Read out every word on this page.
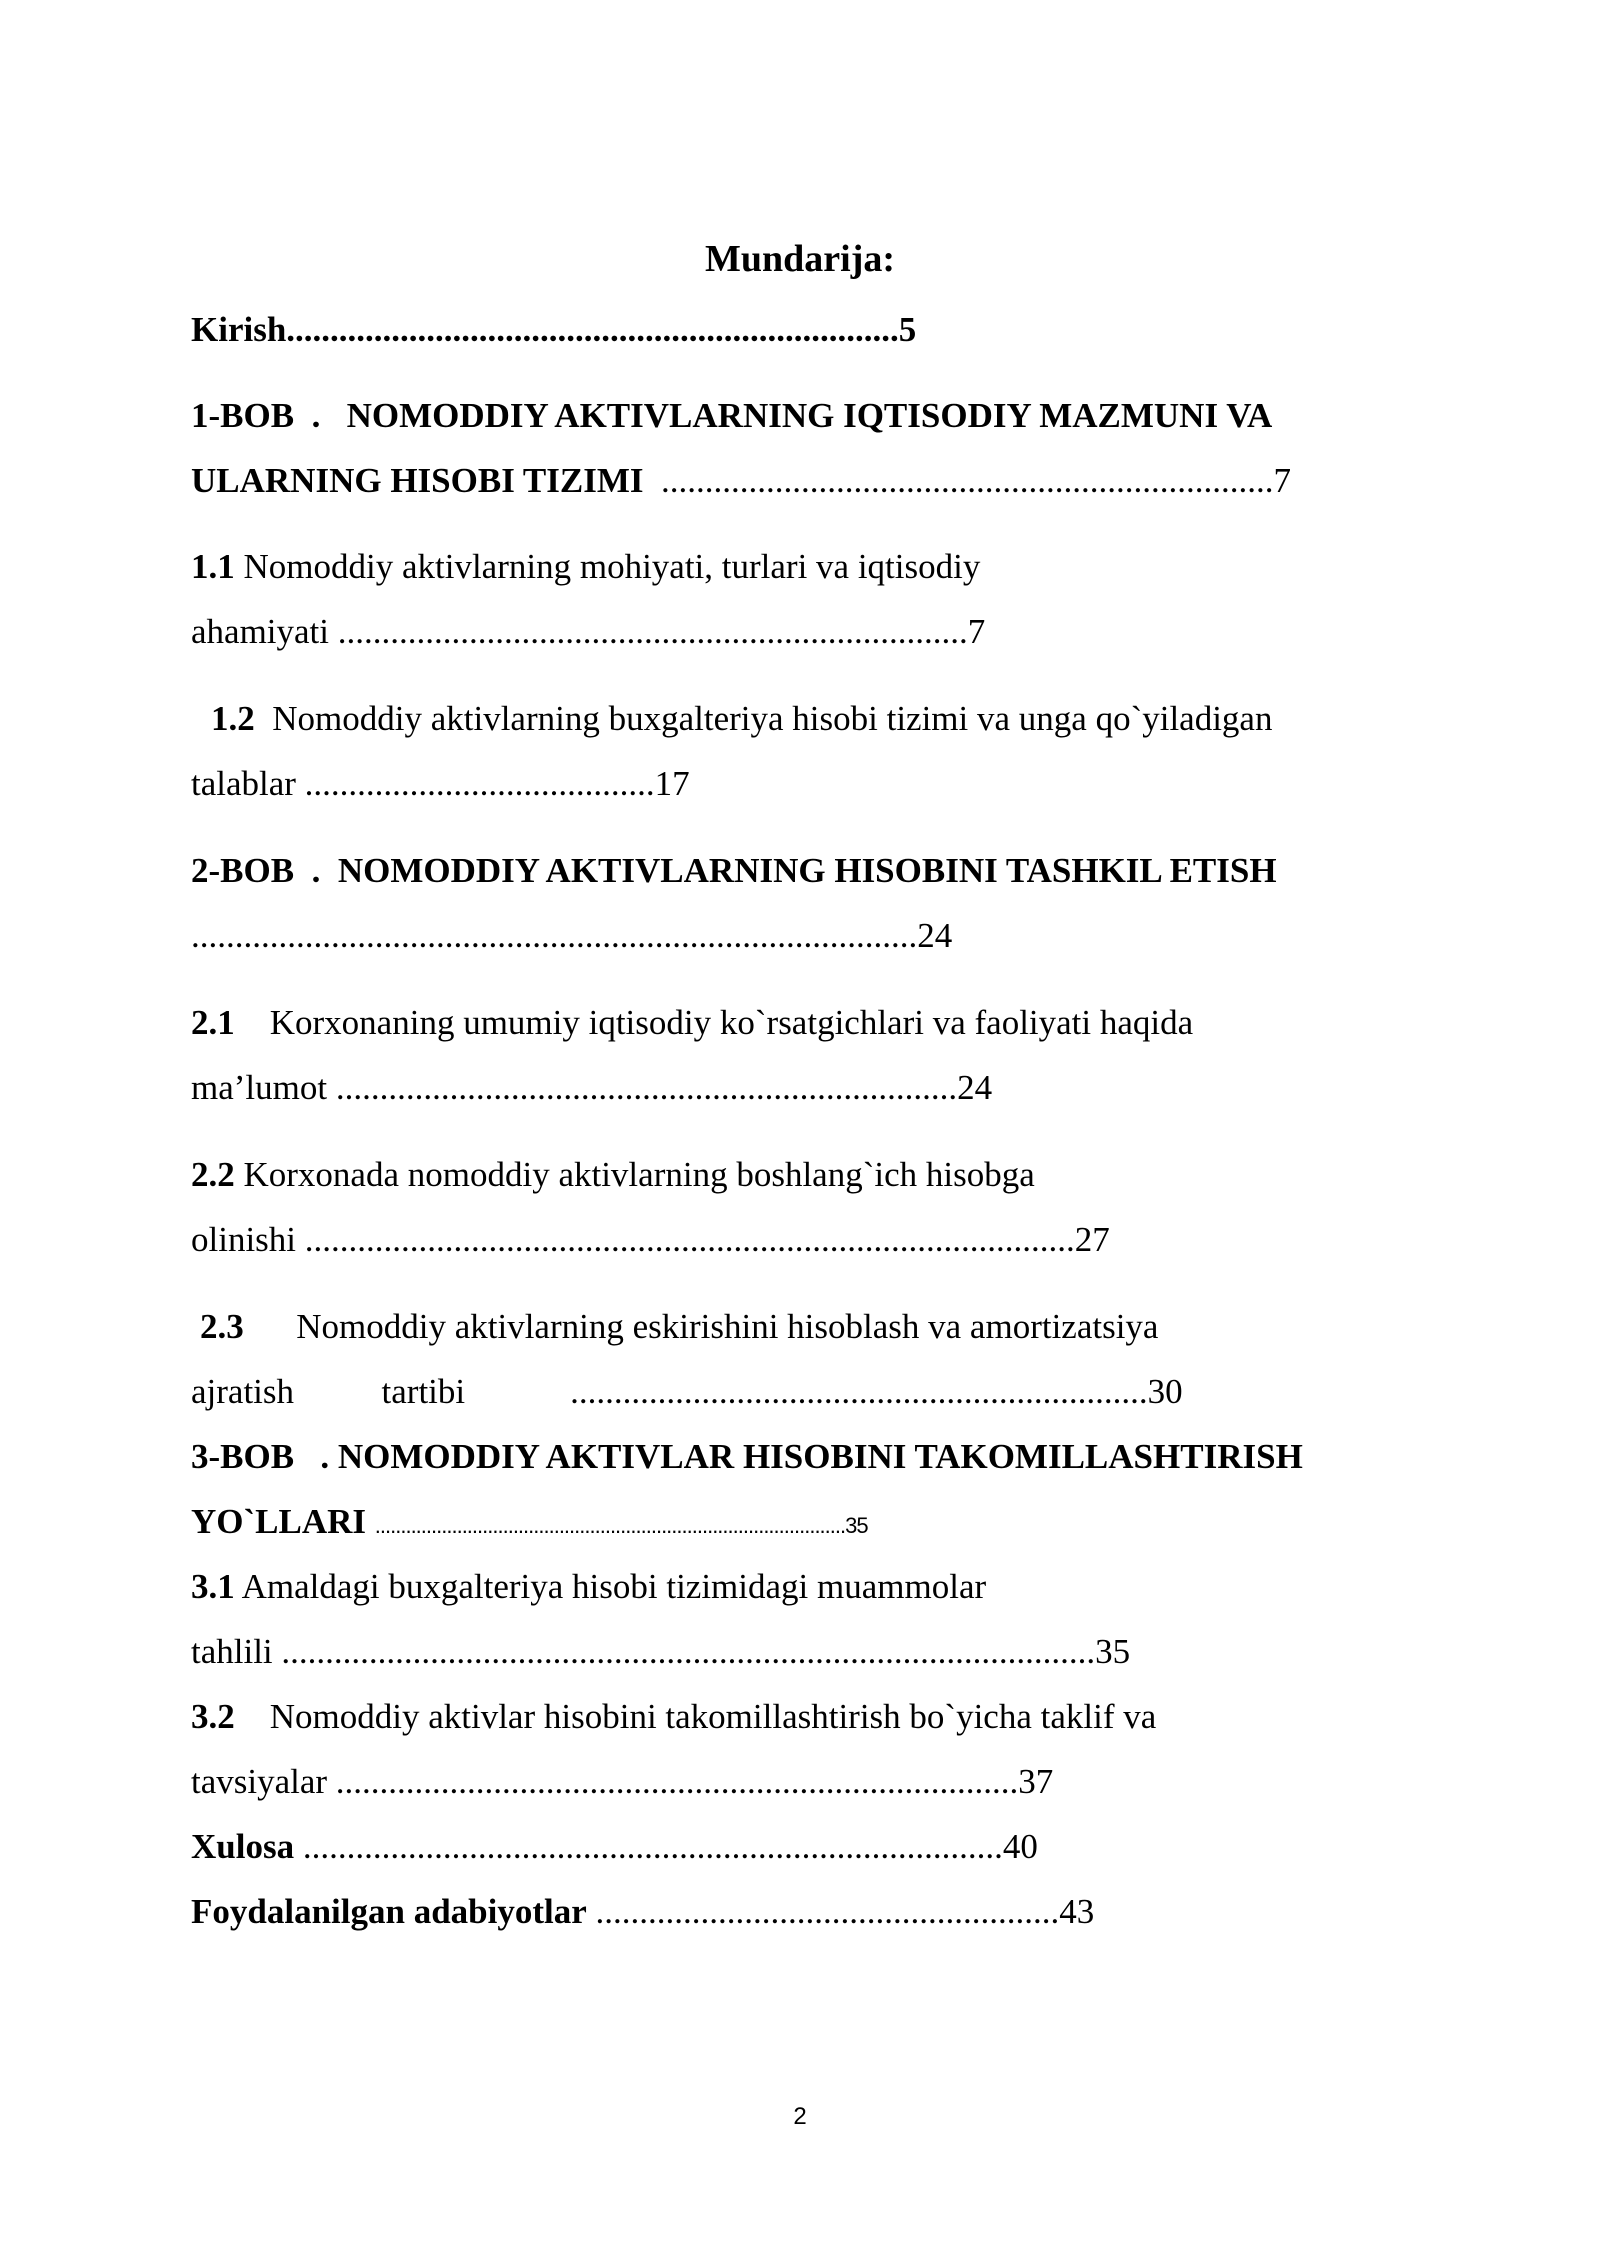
Mundarija:

Kirish......................................................................5

1-BOB  . NOMODDIY AKTIVLARNING IQTISODIY MAZMUNI VA

ULARNING HISOBI TIZIMI ......................................................................7

1.1 Nomoddiy aktivlarning mohiyati, turlari va iqtisodiy

ahamiyati ........................................................................7

1.2 Nomoddiy aktivlarning buxgalteriya hisobi tizimi va unga qo`yiladigan

talablar ........................................17

2-BOB  . NOMODDIY AKTIVLARNING HISOBINI TASHKIL ETISH

...................................................................................24

2.1 Korxonaning umumiy iqtisodiy ko`rsatgichlari va faoliyati haqida

ma’lumot .......................................................................24

2.2 Korxonada nomoddiy aktivlarning boshlang`ich hisobga

olinishi ........................................................................................27

2.3 Nomoddiy aktivlarning eskirishini hisoblash va amortizatsiya

ajratish	tartibi	..................................................................30

3-BOB   . NOMODDIY AKTIVLAR HISOBINI TAKOMILLASHTIRISH

YO`LLARI ............................................................................................35

3.1 Amaldagi buxgalteriya hisobi tizimidagi muammolar

tahlili .............................................................................................35

3.2 Nomoddiy aktivlar hisobini takomillashtirish bo`yicha taklif va

tavsiyalar ..............................................................................37

Xulosa ................................................................................40

Foydalanilgan adabiyotlar .....................................................43

2
